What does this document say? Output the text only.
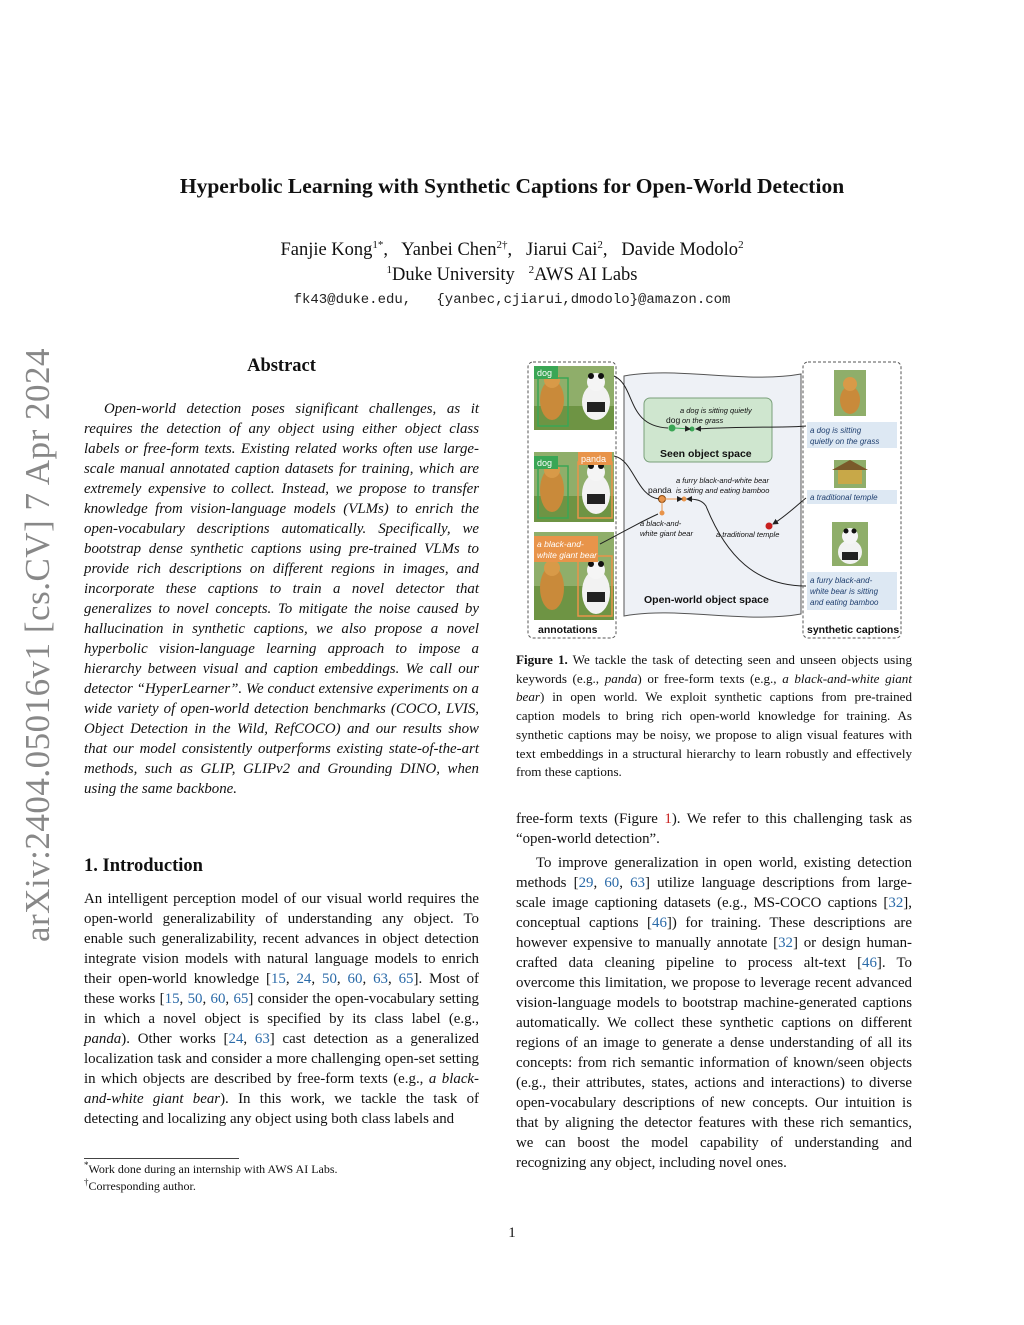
arXiv:2404.05016v1 [cs.CV] 7 Apr 2024
Hyperbolic Learning with Synthetic Captions for Open-World Detection
Fanjie Kong$^{1*}$,   Yanbei Chen$^{2\dagger}$,   Jiarui Cai$^2$,   Davide Modolo$^2$
$^1$Duke University $^2$AWS AI Labs
fk43@duke.edu,   {yanbec,cjiarui,dmodolo}@amazon.com
Abstract
Open-world detection poses significant challenges, as it requires the detection of any object using either object class labels or free-form texts. Existing related works often use large-scale manual annotated caption datasets for training, which are extremely expensive to collect. Instead, we propose to transfer knowledge from vision-language models (VLMs) to enrich the open-vocabulary descriptions automatically. Specifically, we bootstrap dense synthetic captions using pre-trained VLMs to provide rich descriptions on different regions in images, and incorporate these captions to train a novel detector that generalizes to novel concepts. To mitigate the noise caused by hallucination in synthetic captions, we also propose a novel hyperbolic vision-language learning approach to impose a hierarchy between visual and caption embeddings. We call our detector “HyperLearner”. We conduct extensive experiments on a wide variety of open-world detection benchmarks (COCO, LVIS, Object Detection in the Wild, RefCOCO) and our results show that our model consistently outperforms existing state-of-the-art methods, such as GLIP, GLIPv2 and Grounding DINO, when using the same backbone.
1. Introduction
An intelligent perception model of our visual world requires the open-world generalizability of understanding any object. To enable such generalizability, recent advances in object detection integrate vision models with natural language models to enrich their open-world knowledge [15, 24, 50, 60, 63, 65]. Most of these works [15, 50, 60, 65] consider the open-vocabulary setting in which a novel object is specified by its class label (e.g., panda). Other works [24, 63] cast detection as a generalized localization task and consider a more challenging open-set setting in which objects are described by free-form texts (e.g., a black-and-white giant bear). In this work, we tackle the task of detecting and localizing any object using both class labels and
*Work done during an internship with AWS AI Labs.
†Corresponding author.
dog
dog	panda
a black-and-
white giant bear
annotations
Open-world object space
Seen object space
dog
a dog is sitting quietly
on the grass
panda
a furry black-and-white bear
is sitting and eating bamboo
a black-and-
white giant bear	a traditional temple
a dog is sitting
quietly on the grass
a traditional temple
a furry black-and-
white bear is sitting
and eating bamboo
synthetic captions
Figure 1. We tackle the task of detecting seen and unseen objects using keywords (e.g., panda) or free-form texts (e.g., a black-and-white giant bear) in open world. We exploit synthetic captions from pre-trained caption models to bring rich open-world knowledge for training. As synthetic captions may be noisy, we propose to align visual features with text embeddings in a structural hierarchy to learn robustly and effectively from these captions.
free-form texts (Figure 1). We refer to this challenging task as “open-world detection”.
To improve generalization in open world, existing detection methods [29, 60, 63] utilize language descriptions from large-scale image captioning datasets (e.g., MS-COCO captions [32], conceptual captions [46]) for training. These descriptions are however expensive to manually annotate [32] or design human-crafted data cleaning pipeline to process alt-text [46]. To overcome this limitation, we propose to leverage recent advanced vision-language models to bootstrap machine-generated captions automatically. We collect these synthetic captions on different regions of an image to generate a dense understanding of all its concepts: from rich semantic information of known/seen objects (e.g., their attributes, states, actions and interactions) to diverse open-vocabulary descriptions of new concepts. Our intuition is that by aligning the detector features with these rich semantics, we can boost the model capability of understanding and recognizing any object, including novel ones.
1
